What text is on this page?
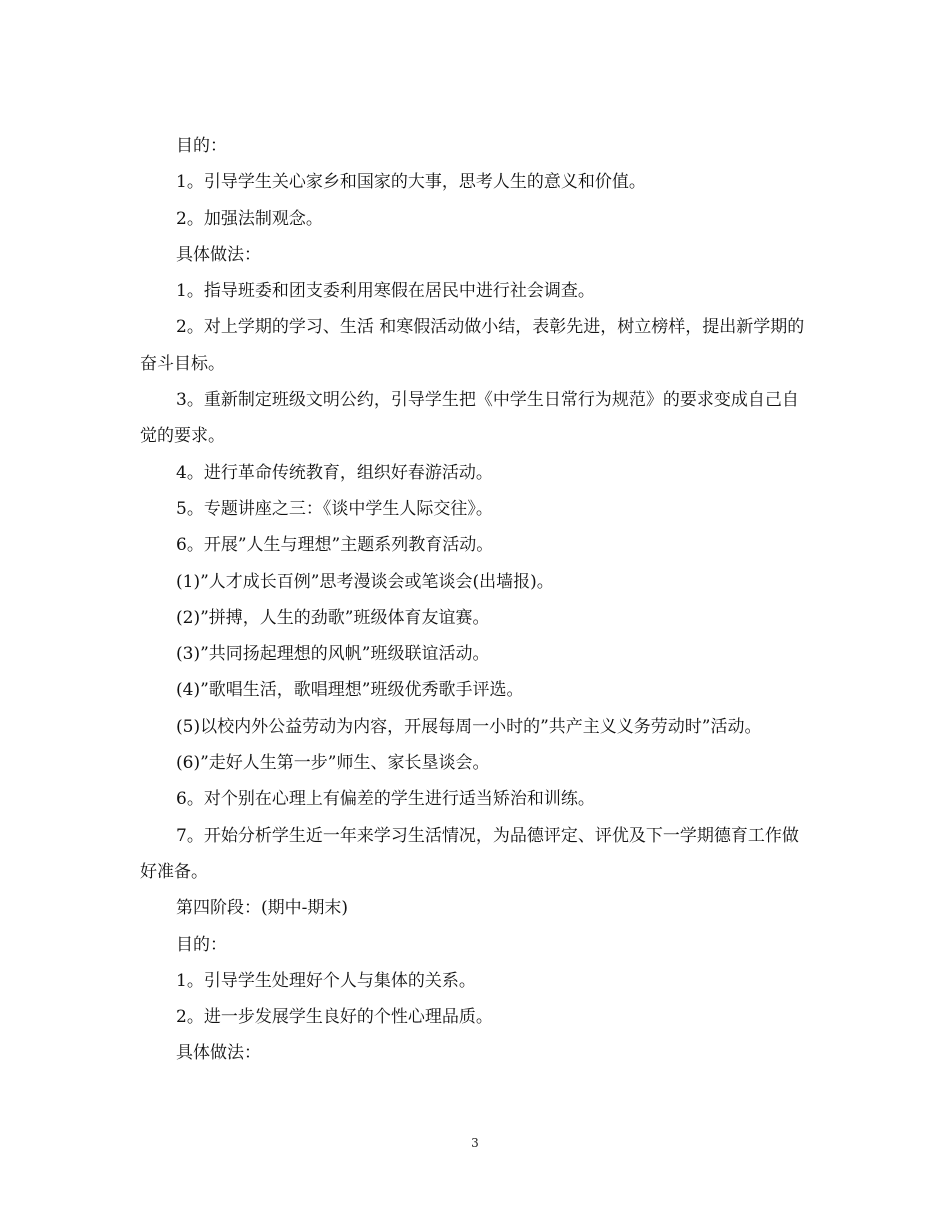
目的：

1。引导学生关心家乡和国家的大事，思考人生的意义和价值。

2。加强法制观念。

具体做法：

1。指导班委和团支委利用寒假在居民中进行社会调查。

2。对上学期的学习、生活 和寒假活动做小结，表彰先进，树立榜样，提出新学期的奋斗目标。

3。重新制定班级文明公约，引导学生把《中学生日常行为规范》的要求变成自己自觉的要求。

4。进行革命传统教育，组织好春游活动。

5。专题讲座之三：《谈中学生人际交往》。

6。开展”人生与理想”主题系列教育活动。

(1)”人才成长百例”思考漫谈会或笔谈会(出墙报)。

(2)”拼搏，人生的劲歌”班级体育友谊赛。

(3)”共同扬起理想的风帆”班级联谊活动。

(4)”歌唱生活，歌唱理想”班级优秀歌手评选。

(5)以校内外公益劳动为内容，开展每周一小时的”共产主义义务劳动时”活动。

(6)”走好人生第一步”师生、家长垦谈会。

6。对个别在心理上有偏差的学生进行适当矫治和训练。

7。开始分析学生近一年来学习生活情况，为品德评定、评优及下一学期德育工作做好准备。

第四阶段：(期中-期末)

目的：

1。引导学生处理好个人与集体的关系。

2。进一步发展学生良好的个性心理品质。

具体做法：

3
